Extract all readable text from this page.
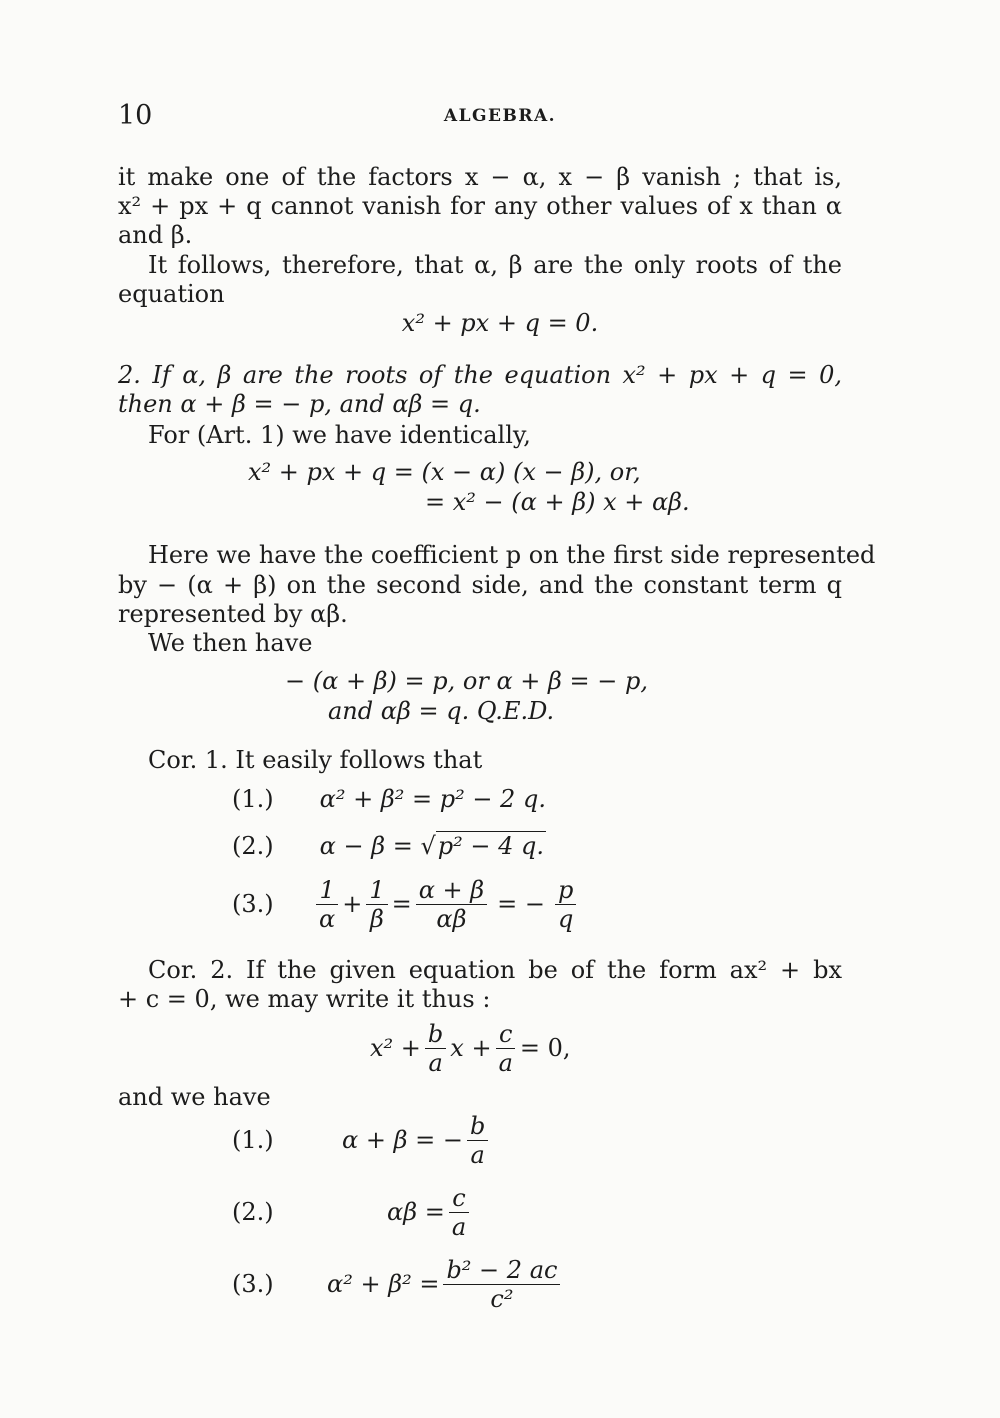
10	ALGEBRA.
it make one of the factors x − α, x − β vanish ; that is,
x² + px + q cannot vanish for any other values of x than α
and β.
It follows, therefore, that α, β are the only roots of the
equation
x² + px + q = 0.
2. If α, β are the roots of the equation x² + px + q = 0,
then α + β = − p, and αβ = q.
For (Art. 1) we have identically,
x² + px + q = (x − α) (x − β), or,
= x² − (α + β) x + αβ.
Here we have the coefficient p on the first side represented
by − (α + β) on the second side, and the constant term q
represented by αβ.
We then have
− (α + β) = p, or α + β = − p,
and αβ = q. Q.E.D.
Cor. 1. It easily follows that
(1.) α² + β² = p² − 2 q.
(2.) α − β = √p² − 4 q.
(3.)	$\frac{1}{\alpha} + \frac{1}{\beta} = \frac{\alpha + \beta}{\alpha\beta}$ = − $\frac{p}{q}$
Cor. 2. If the given equation be of the form ax² + bx
+ c = 0, we may write it thus :
$x^2 + \frac{b}{a}$ $x + \frac{c}{a} = 0$,
and we have
(1.)	α + β = − $\frac{b}{a}$
(2.)	$\alpha\beta = \frac{c}{a}$
(3.)	$\alpha^2 + \beta^2 = \frac{\text{b² − 2 ac}}{\text{c²}}$
